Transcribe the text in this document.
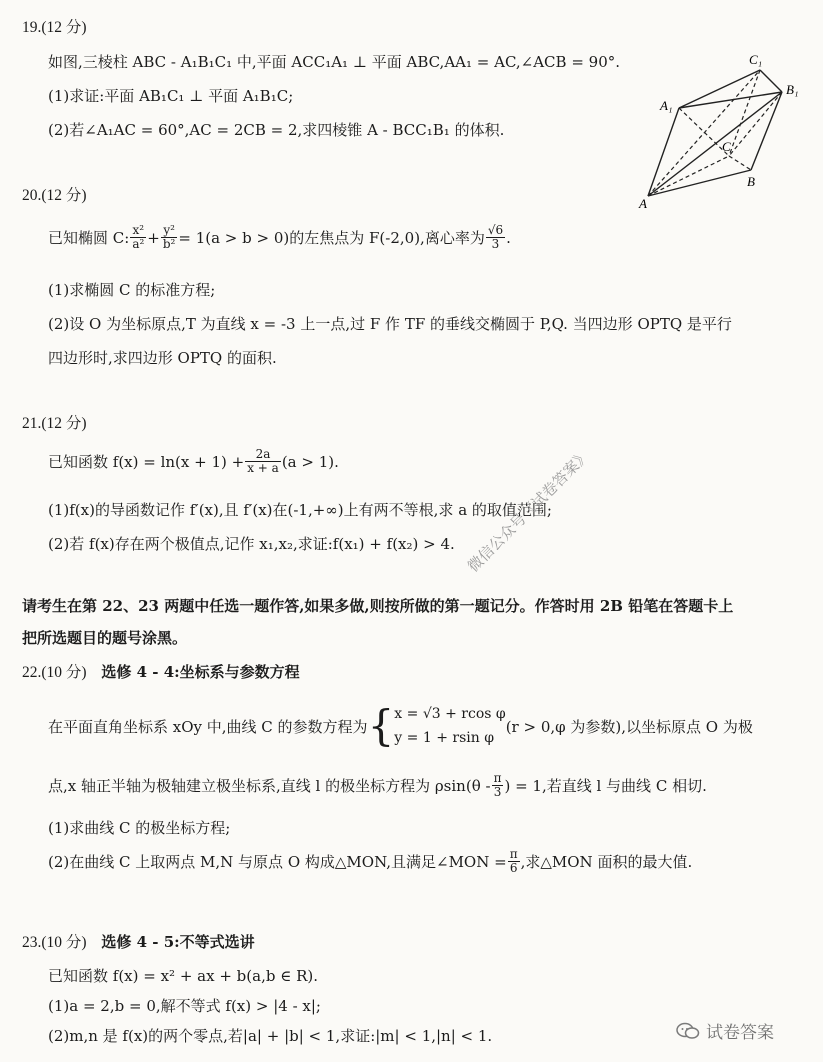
19.(12 分)
如图,三棱柱 ABC - A₁B₁C₁ 中,平面 ACC₁A₁ ⊥ 平面 ABC,AA₁ = AC,∠ACB = 90°.
(1)求证:平面 AB₁C₁ ⊥ 平面 A₁B₁C;
(2)若∠A₁AC = 60°,AC = 2CB = 2,求四棱锥 A - BCC₁B₁ 的体积.
C₁
B₁
A₁
C
B
A
20.(12 分)
已知椭圆 C: $\frac{\text{x²}}{\text{a²}} + \frac{\text{y²}}{\text{b²}} = 1(a > b > 0)$的左焦点为 F(-2,0),离心率为 $\frac{√6}{3}$ .
(1)求椭圆 C 的标准方程;
(2)设 O 为坐标原点,T 为直线 x = -3 上一点,过 F 作 TF 的垂线交椭圆于 P,Q. 当四边形 OPTQ 是平行
四边形时,求四边形 OPTQ 的面积.
21.(12 分)
已知函数 $f(x) = \ln(x + 1) + \frac{2a}{x + a} (a > 1)$.
(1)f(x)的导函数记作 f′(x),且 f′(x)在(-1,+∞)上有两不等根,求 a 的取值范围;
(2)若 f(x)存在两个极值点,记作 x₁,x₂,求证:f(x₁) + f(x₂) > 4.
请考生在第 22、23 两题中任选一题作答,如果多做,则按所做的第一题记分。作答时用 2B 铅笔在答题卡上
把所选题目的题号涂黑。
22.(10 分) 选修 4 - 4:坐标系与参数方程
在平面直角坐标系 xOy 中,曲线 C 的参数方程为 { x = √3 + rcos φ
y = 1 + rsin φ
(r > 0,φ 为参数),以坐标原点 O 为极
点,x 轴正半轴为极轴建立极坐标系,直线 l 的极坐标方程为 $\rho\sin(\theta - \frac{\pi}{3}$ ) = 1,若直线 l 与曲线 C 相切.
(1)求曲线 C 的极坐标方程;
(2)在曲线 C 上取两点 M,N 与原点 O 构成△MON,且满足∠MON = $\frac{\pi}{6}$ ,求△MON 面积的最大值.
23.(10 分) 选修 4 - 5:不等式选讲
已知函数 f(x) = x² + ax + b(a,b ∈ R).
(1)a = 2,b = 0,解不等式 f(x) > |4 - x|;
(2)m,n 是 f(x)的两个零点,若|a| + |b| < 1,求证:|m| < 1,|n| < 1.
微信公众号《试卷答案》
试卷答案
